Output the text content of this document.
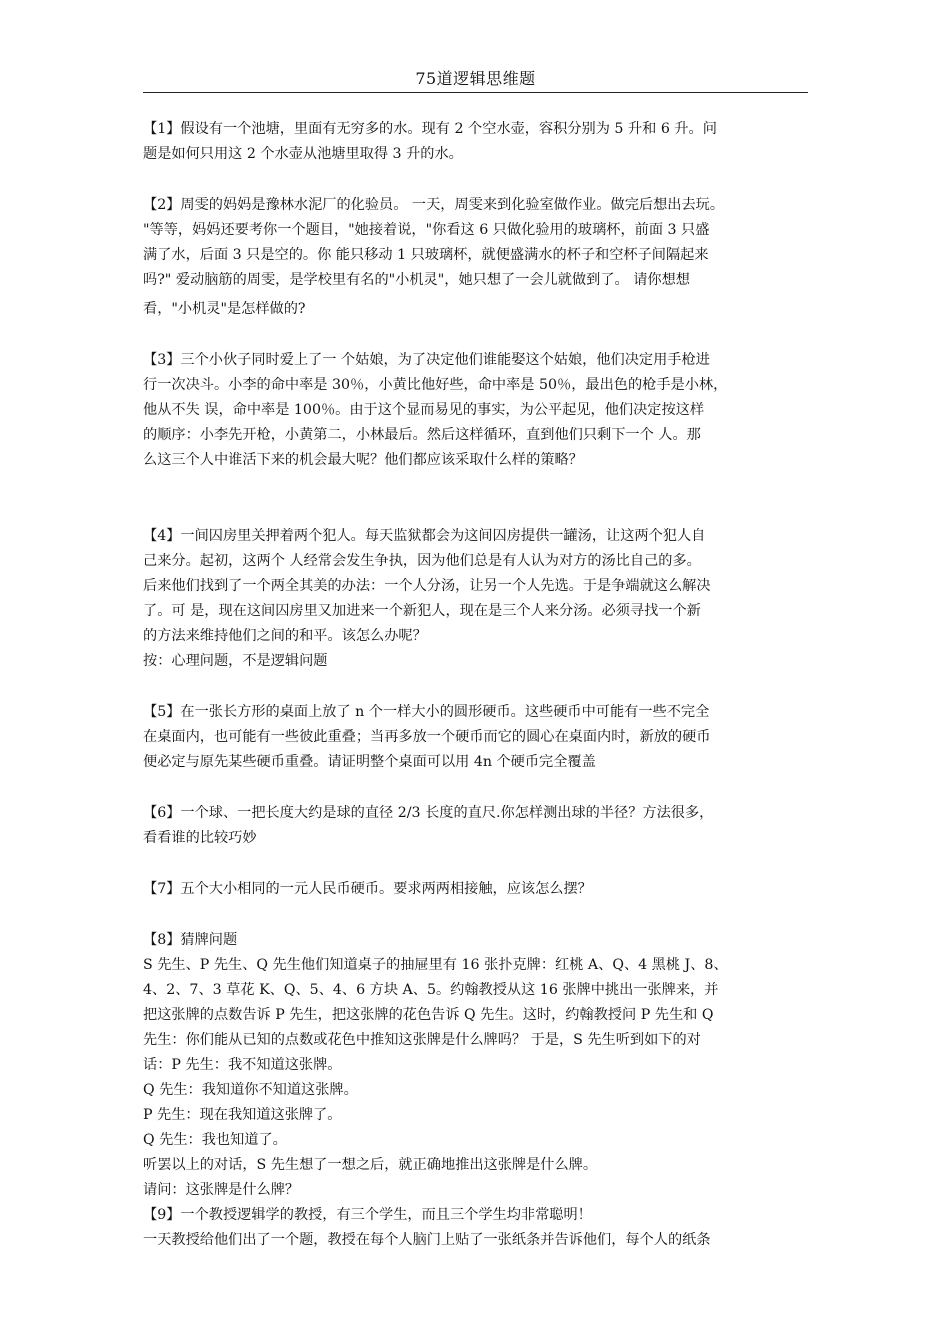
75道逻辑思维题

【1】假设有一个池塘，里面有无穷多的水。现有 2 个空水壶，容积分别为 5 升和 6 升。问

题是如何只用这 2 个水壶从池塘里取得 3 升的水。

【2】周雯的妈妈是豫林水泥厂的化验员。 一天，周雯来到化验室做作业。做完后想出去玩。

"等等，妈妈还要考你一个题目，"她接着说，"你看这 6 只做化验用的玻璃杯，前面 3 只盛

满了水，后面 3 只是空的。你 能只移动 1 只玻璃杯，就便盛满水的杯子和空杯子间隔起来

吗?" 爱动脑筋的周雯，是学校里有名的"小机灵"，她只想了一会儿就做到了。 请你想想

看，"小机灵"是怎样做的?

【3】三个小伙子同时爱上了一 个姑娘，为了决定他们谁能娶这个姑娘，他们决定用手枪进

行一次决斗。小李的命中率是 30％，小黄比他好些，命中率是 50％，最出色的枪手是小林，

他从不失 误，命中率是 100％。由于这个显而易见的事实，为公平起见，他们决定按这样

的顺序：小李先开枪，小黄第二，小林最后。然后这样循环，直到他们只剩下一个 人。那

么这三个人中谁活下来的机会最大呢？他们都应该采取什么样的策略？

【4】一间囚房里关押着两个犯人。每天监狱都会为这间囚房提供一罐汤，让这两个犯人自

己来分。起初，这两个 人经常会发生争执，因为他们总是有人认为对方的汤比自己的多。

后来他们找到了一个两全其美的办法：一个人分汤，让另一个人先选。于是争端就这么解决

了。可 是，现在这间囚房里又加进来一个新犯人，现在是三个人来分汤。必须寻找一个新

的方法来维持他们之间的和平。该怎么办呢？

按：心理问题，不是逻辑问题

【5】在一张长方形的桌面上放了 n 个一样大小的圆形硬币。这些硬币中可能有一些不完全

在桌面内，也可能有一些彼此重叠；当再多放一个硬币而它的圆心在桌面内时，新放的硬币

便必定与原先某些硬币重叠。请证明整个桌面可以用 4n 个硬币完全覆盖

【6】一个球、一把长度大约是球的直径 2/3 长度的直尺.你怎样测出球的半径？方法很多，

看看谁的比较巧妙

【7】五个大小相同的一元人民币硬币。要求两两相接触，应该怎么摆？

【8】猜牌问题

S 先生、P 先生、Q 先生他们知道桌子的抽屉里有 16 张扑克牌：红桃 A、Q、4 黑桃 J、8、

4、2、7、3 草花 K、Q、5、4、6 方块 A、5。约翰教授从这 16 张牌中挑出一张牌来，并

把这张牌的点数告诉 P 先生，把这张牌的花色告诉 Q 先生。这时，约翰教授问 P 先生和 Q

先生：你们能从已知的点数或花色中推知这张牌是什么牌吗？ 于是，S 先生听到如下的对

话：P 先生：我不知道这张牌。

Q 先生：我知道你不知道这张牌。

P 先生：现在我知道这张牌了。

Q 先生：我也知道了。

听罢以上的对话，S 先生想了一想之后，就正确地推出这张牌是什么牌。

请问：这张牌是什么牌？

【9】一个教授逻辑学的教授，有三个学生，而且三个学生均非常聪明！

一天教授给他们出了一个题，教授在每个人脑门上贴了一张纸条并告诉他们，每个人的纸条
